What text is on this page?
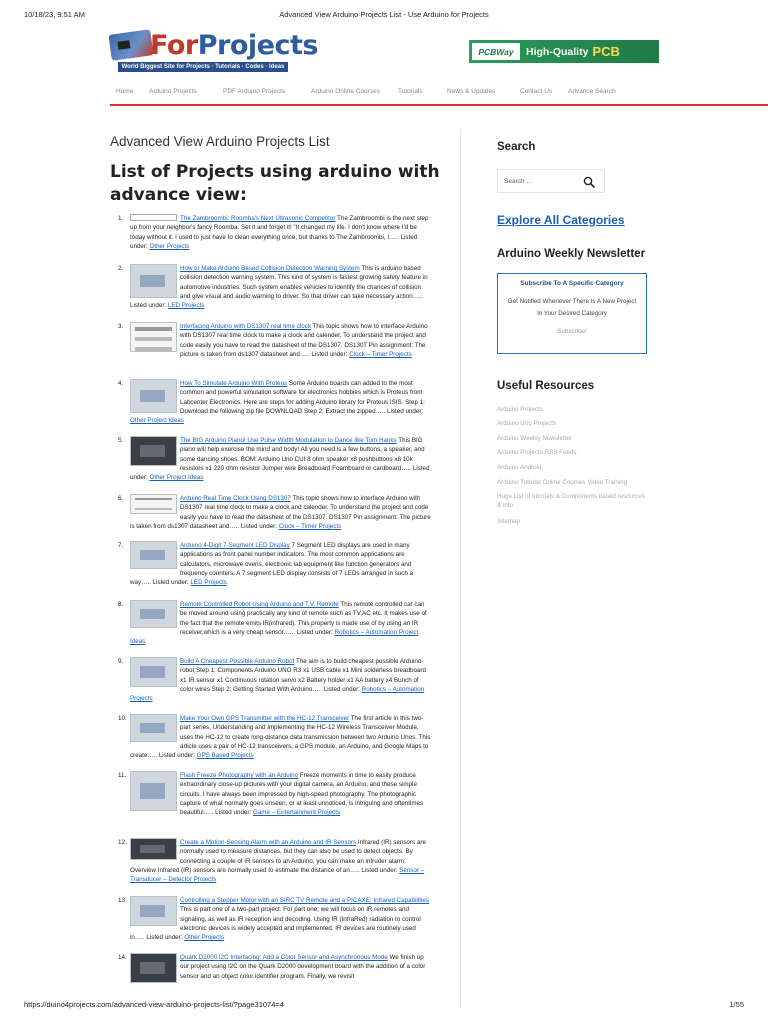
10/18/23, 9:51 AM	Advanced View Arduino Projects List - Use Arduino for Projects
ForProjects
World Biggest Site for Projects · Tutorials · Codes · Ideas
PCBWay	High-Quality PCB
Home Arduino Projects	PDF Arduino Projects	Arduino Online Courses	Tutorials	News & Updates	Contact Us Advance Search
Advanced View Arduino Projects List
List of Projects using arduino with advance view:
1.	The Zambroombi: Roomba's Next Ultrasonic Competitor The Zambroombi is the next step up from your neighbor's fancy Roomba. Set it and forget it! "It changed my life. I don't know where I'd be today without it. I used to just have to clean everything once, but thanks to The Zambroombi, I….. Listed under: Other Projects
2.	How to Make Arduino Based Collision Detection Warning System This is arduino based collision detection warning system. This kind of system is fastest growing safety feature in automotive industries. Such system enables vehicles to identify the chances of collision and give visual and audio warning to driver. So that driver can take necessary action….. Listed under: LED Projects
3.	Interfacing Arduino with DS1307 real time clock This topic shows how to interface Arduino with DS1307 real time clock to make a clock and calender. To understand the project and code easily you have to read the datasheet of the DS1307. DS1307 Pin assignment: The picture is taken from ds1307 datasheet and….. Listed under: Clock – Timer Projects
4.	How To Simulate Arduino With Proteus Some Arduino boards can added to the most common and powerful simulation software for electronics hobbies which is Proteus from Labcenter Electronics. Here are steps for adding Arduino library for Proteus ISIS. Step 1: Download the following zip file DOWNLOAD Step 2: Extract the zipped….. Listed under: Other Project Ideas
5.	The BIG Arduino Piano! Use Pulse Width Modulation to Dance like Tom Hanks This BIG piano will help exercise the mind and body! All you need is a few buttons, a speaker, and some dancing shoes. BOM: Arduino Uno CUI 8 ohm speaker x8 pushbuttons x8 10k resistors x1 220 ohm resistor Jumper wire Breadboard Foamboard or cardboard….. Listed under: Other Project Ideas
6.	Arduino Real Time Clock Using DS1307 This topic shows how to interface Arduino with DS1307 real time clock to make a clock and calender. To understand the project and code easily you have to read the datasheet of the DS1307. DS1307 Pin assignment: The picture is taken from ds1307 datasheet and….. Listed under: Clock – Timer Projects
7.	Arduino 4-Digit 7-Segment LED Display 7 Segment LED displays are used in many applications as front panel number indicators. The most common applications are calculators, microwave ovens, electronic lab equipment like function generators and frequency counters. A 7 segment LED display consists of 7 LEDs arranged in such a way….. Listed under: LED Projects
8.	Remote Controlled Robot Using Arduino and T.V. Remote This remote controlled car can be moved around using practically any kind of remote such as TV,AC etc. It makes use of the fact that the remote emits IR(infrared). This property is made use of by using an IR receiver,which is a very cheap sensor.….. Listed under: Robotics – Automation Project Ideas
9.	Build A Cheapest Possible Arduino Robot The aim is to build cheapest possible Arduino-robot Step 1: Components Arduino UNO R3 x1 USB cable x1 Mini solderless breadboard x1 IR sensor x1 Continuous rotation servo x2 Battery holder x1 AA battery x4 Bunch of color wires Step 2: Getting Started With Arduino….. Listed under: Robotics – Automation Projects
10.	Make Your Own GPS Transmitter with the HC-12 Transceiver The first article in this two-part series, Understanding and Implementing the HC-12 Wireless Transceiver Module, uses the HC-12 to create long-distance data transmission between two Arduino Unos. This article uses a pair of HC-12 transceivers, a GPS module, an Arduino, and Google Maps to create….. Listed under: GPS Based Projects
11.	Flash Freeze Photography with an Arduino Freeze moments in time to easily produce extraordinary close-up pictures with your digital camera, an Arduino, and these simple circuits. I have always been impressed by high-speed photography. The photographic capture of what normally goes unseen, or at least unnoticed, is intriguing and oftentimes beautiful….. Listed under: Game – Entertainment Projects
12.	Create a Motion-Sensing Alarm with an Arduino and IR Sensors Infrared (IR) sensors are normally used to measure distances, but they can also be used to detect objects. By connecting a couple of IR sensors to an Arduino, you can make an intruder alarm. Overview Infrared (IR) sensors are normally used to estimate the distance of an….. Listed under: Sensor – Transducer – Detector Projects
13.	Controlling a Stepper Motor with an SIRC TV Remote and a PICAXE: Infrared Capabilities This is part one of a two-part project. For part one, we will focus on IR remotes and signaling, as well as IR reception and decoding. Using IR (InfraRed) radiation to control electronic devices is widely accepted and implemented. IR devices are routinely used in….. Listed under: Other Projects
14.	Quark D2000 I2C Interfacing: Add a Color Sensor and Asynchronous Mode We finish up our project using I2C on the Quark D2000 development board with the addition of a color sensor and an object color identifier program. Finally, we revisit
Search
Search …
Explore All Categories
Arduino Weekly Newsletter
Subscribe To A Specific Category
Get Notified Whenever There Is A New Project In Your Desired Category
Subscribe!
Useful Resources
Arduino Projects
Arduino Uno Projects
Arduino Weekly Newsletter
Arduino Projects RSS Feeds
Arduino Android
Arduino Tutorial Online Courses Video Training
Huge List of tutorials & Components based resources & info
Sitemap
https://duino4projects.com/advanced-view-arduino-projects-list/?page31074=4	1/55
